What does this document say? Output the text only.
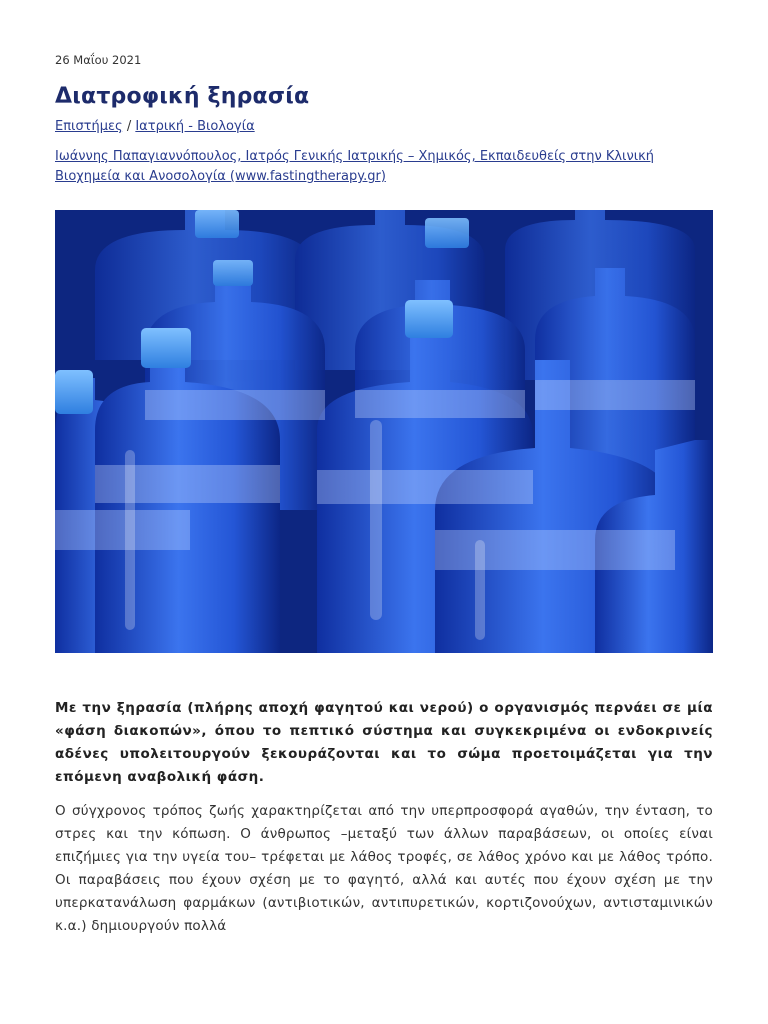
26 Μαΐου 2021
Διατροφική ξηρασία
Επιστήμες / Ιατρική - Βιολογία
Ιωάννης Παπαγιαννόπουλος, Ιατρός Γενικής Ιατρικής – Χημικός, Εκπαιδευθείς στην Κλινική Βιοχημεία και Ανοσολογία (www.fastingtherapy.gr)

Με την ξηρασία (πλήρης αποχή φαγητού και νερού) ο οργανισμός περνάει σε μία «φάση διακοπών», όπου το πεπτικό σύστημα και συγκεκριμένα οι ενδοκρινείς αδένες υπολειτουργούν ξεκουράζονται και το σώμα προετοιμάζεται για την επόμενη αναβολική φάση.

Ο σύγχρονος τρόπος ζωής χαρακτηρίζεται από την υπερπροσφορά αγαθών, την ένταση, το στρες και την κόπωση. Ο άνθρωπος –μεταξύ των άλλων παραβάσεων, οι οποίες είναι επιζήμιες για την υγεία του– τρέφεται με λάθος τροφές, σε λάθος χρόνο και με λάθος τρόπο. Οι παραβάσεις που έχουν σχέση με το φαγητό, αλλά και αυτές που έχουν σχέση με την υπερκατανάλωση φαρμάκων (αντιβιοτικών, αντιπυρετικών, κορτιζονούχων, αντισταμινικών κ.α.) δημιουργούν πολλά
